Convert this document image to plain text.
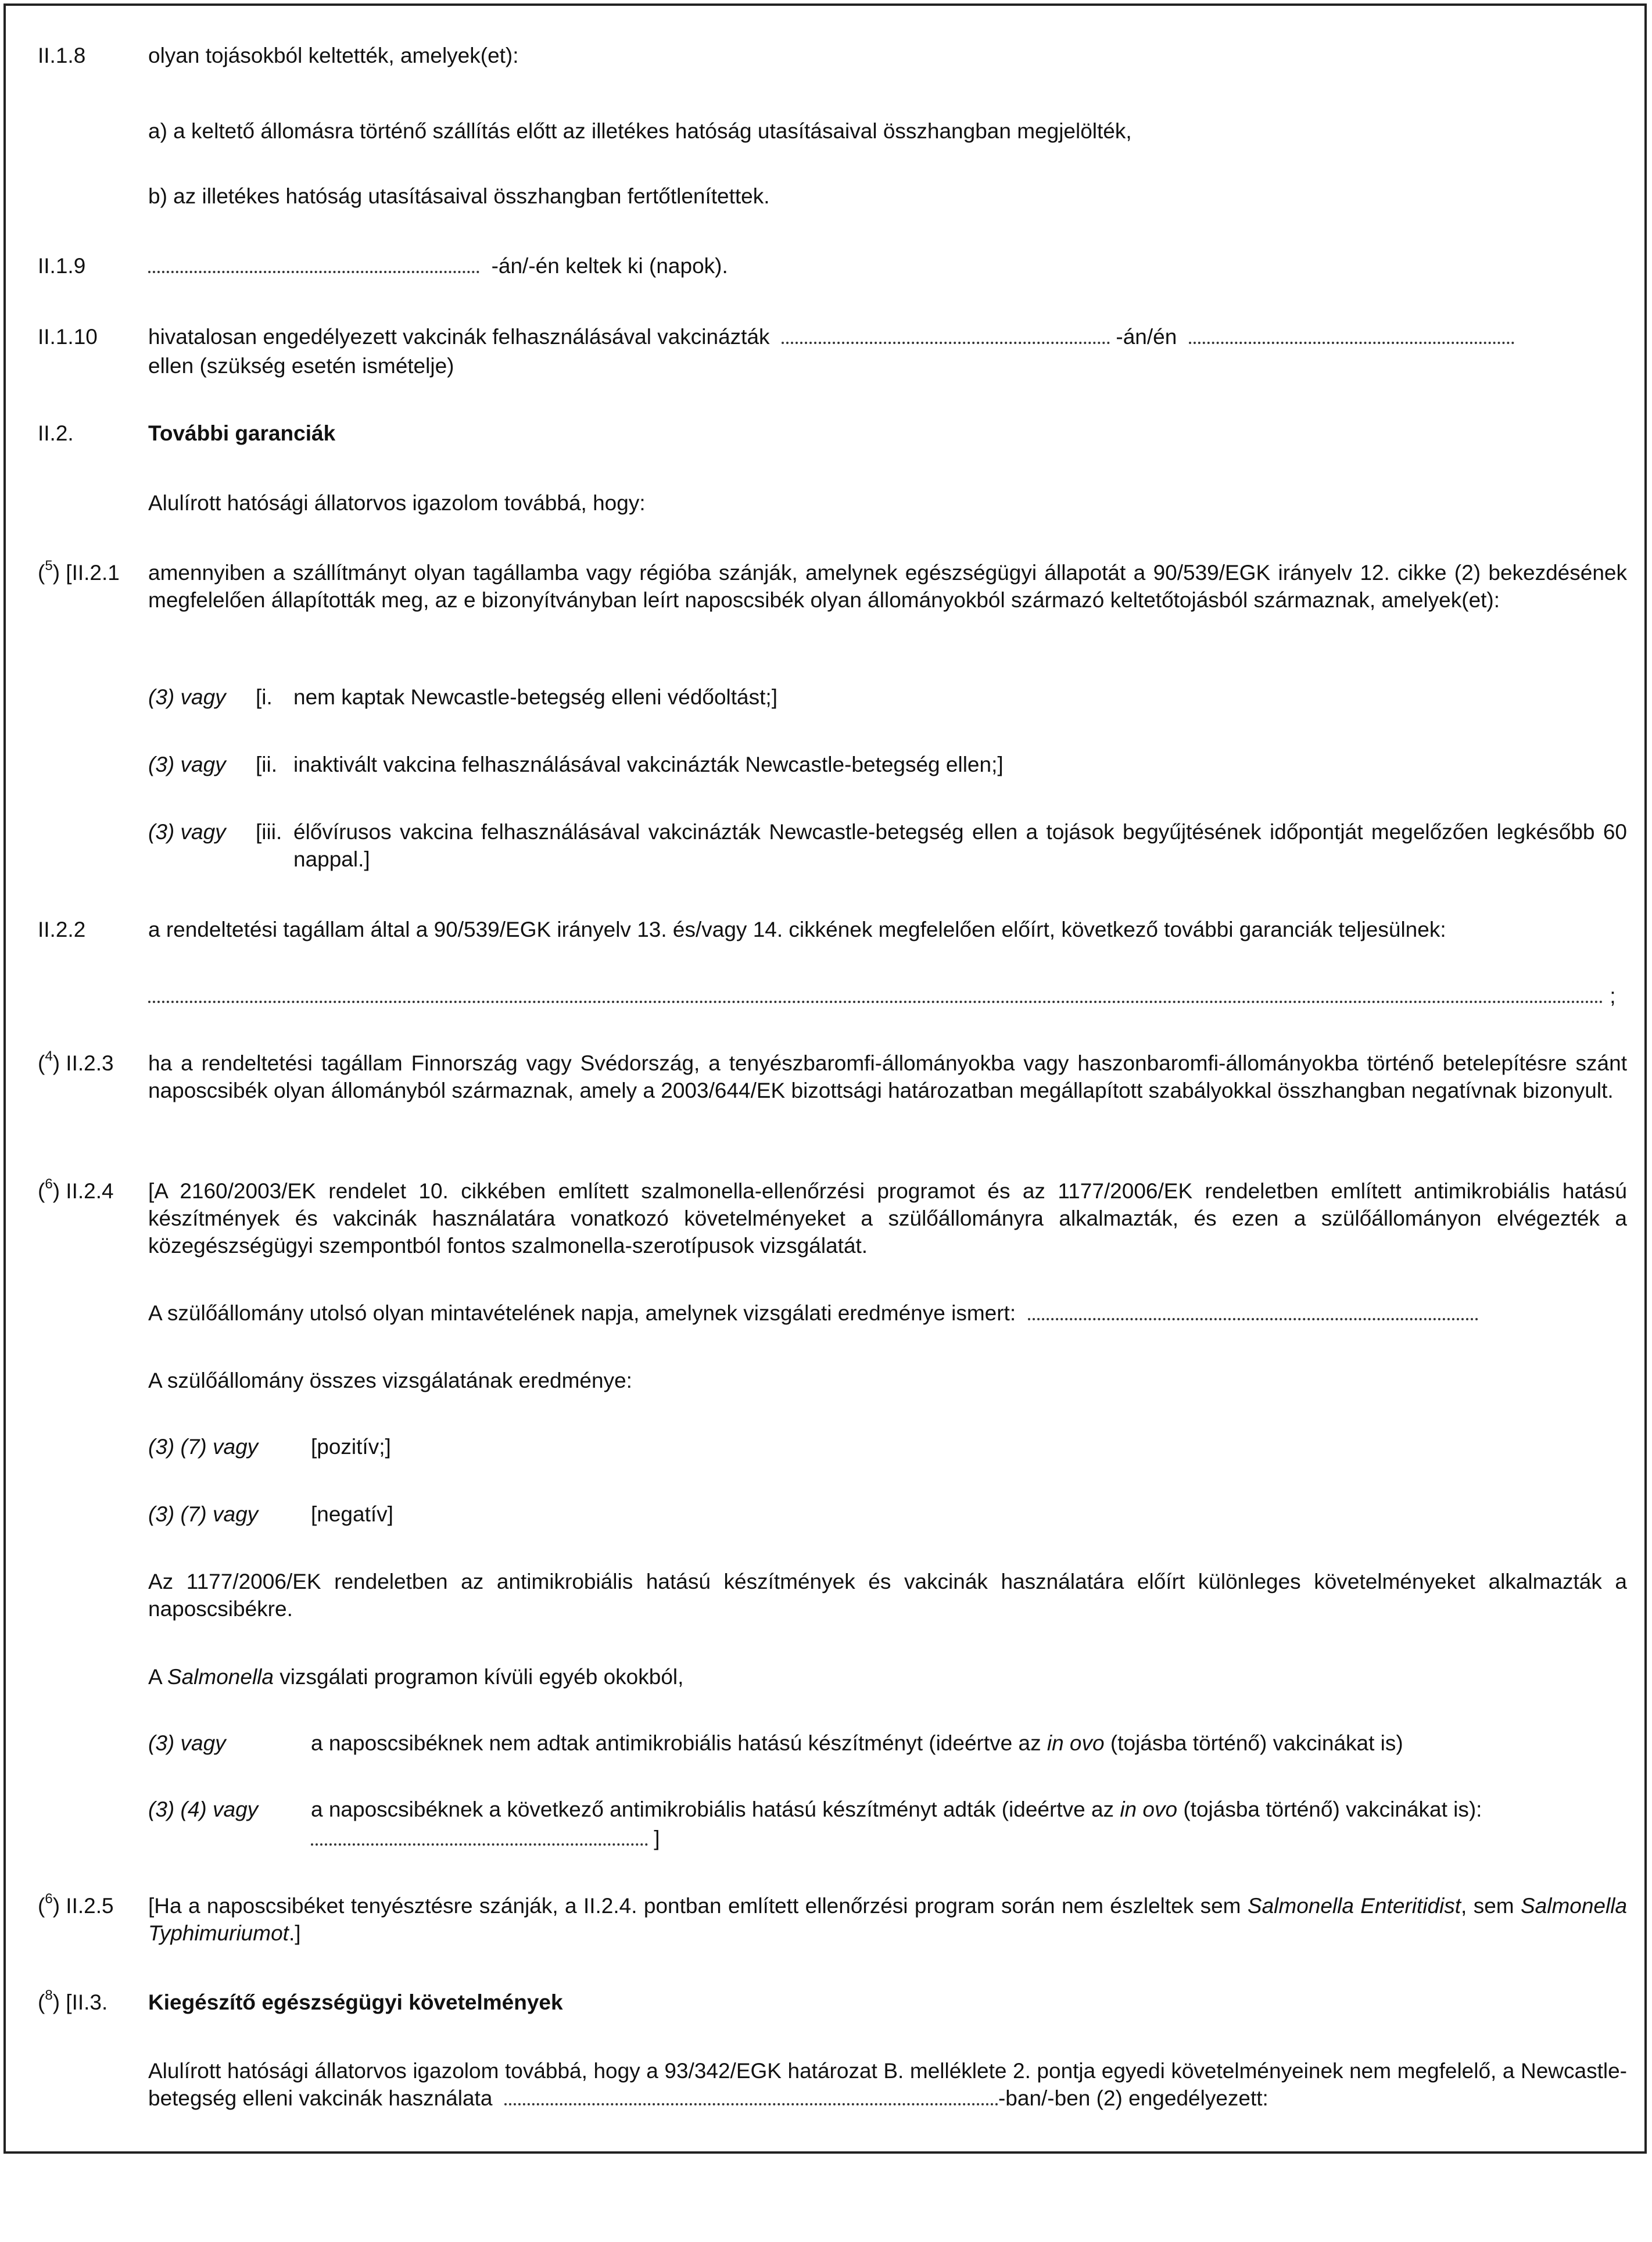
II.1.8	olyan tojásokból keltették, amelyek(et):
a) a keltető állomásra történő szállítás előtt az illetékes hatóság utasításaival összhangban megjelölték,
b) az illetékes hatóság utasításaival összhangban fertőtlenítettek.
II.1.9	-án/-én keltek ki (napok).
II.1.10 hivatalosan engedélyezett vakcinák felhasználásával vakcinázták	-án/én
ellen (szükség esetén ismételje)
II.2.	További garanciák
Alulírott hatósági állatorvos igazolom továbbá, hogy:
($^5$) [II.2.1 amennyiben a szállítmányt olyan tagállamba vagy régióba szánják, amelynek egészségügyi állapotát a 90/539/EGK irányelv 12. cikke (2) bekezdésének megfelelően állapították meg, az e bizonyítványban leírt naposcsibék olyan állományokból származó keltetőtojásból származnak, amelyek(et):
(3) vagy [i. nem kaptak Newcastle-betegség elleni védőoltást;]
(3) vagy [ii. inaktivált vakcina felhasználásával vakcinázták Newcastle-betegség ellen;]
(3) vagy [iii. élővírusos vakcina felhasználásával vakcinázták Newcastle-betegség ellen a tojások begyűjtésének időpontját megelőzően legkésőbb 60 nappal.]
II.2.2	a rendeltetési tagállam által a 90/539/EGK irányelv 13. és/vagy 14. cikkének megfelelően előírt, következő további garanciák teljesülnek:
;
($^4$) II.2.3 ha a rendeltetési tagállam Finnország vagy Svédország, a tenyészbaromfi-állományokba vagy haszonbaromfi-állományokba történő betelepítésre szánt naposcsibék olyan állományból származnak, amely a 2003/644/EK bizottsági határozatban megállapított szabályokkal összhangban negatívnak bizonyult.
($^6$) II.2.4 [A 2160/2003/EK rendelet 10. cikkében említett szalmonella-ellenőrzési programot és az 1177/2006/EK rendeletben említett antimikrobiális hatású készítmények és vakcinák használatára vonatkozó követelményeket a szülőállományra alkalmazták, és ezen a szülőállományon elvégezték a közegészségügyi szempontból fontos szalmonella-szerotípusok vizsgálatát.
A szülőállomány utolsó olyan mintavételének napja, amelynek vizsgálati eredménye ismert:
A szülőállomány összes vizsgálatának eredménye:
(3) (7) vagy [pozitív;]
(3) (7) vagy [negatív]
Az 1177/2006/EK rendeletben az antimikrobiális hatású készítmények és vakcinák használatára előírt különleges követelményeket alkalmazták a naposcsibékre.
A Salmonella vizsgálati programon kívüli egyéb okokból,
(3) vagy	a naposcsibéknek nem adtak antimikrobiális hatású készítményt (ideértve az in ovo (tojásba történő) vakcinákat is)
(3) (4) vagy a naposcsibéknek a következő antimikrobiális hatású készítményt adták (ideértve az in ovo (tojásba történő) vakcinákat is):
]
($^6$) II.2.5 [Ha a naposcsibéket tenyésztésre szánják, a II.2.4. pontban említett ellenőrzési program során nem észleltek sem Salmonella Enteritidist, sem Salmonella Typhimuriumot.]
($^8$) [II.3. Kiegészítő egészségügyi követelmények
Alulírott hatósági állatorvos igazolom továbbá, hogy a 93/342/EGK határozat B. melléklete 2. pontja egyedi követelményeinek nem megfelelő, a Newcastle-betegség elleni vakcinák használata	-ban/-ben (2) engedélyezett:
